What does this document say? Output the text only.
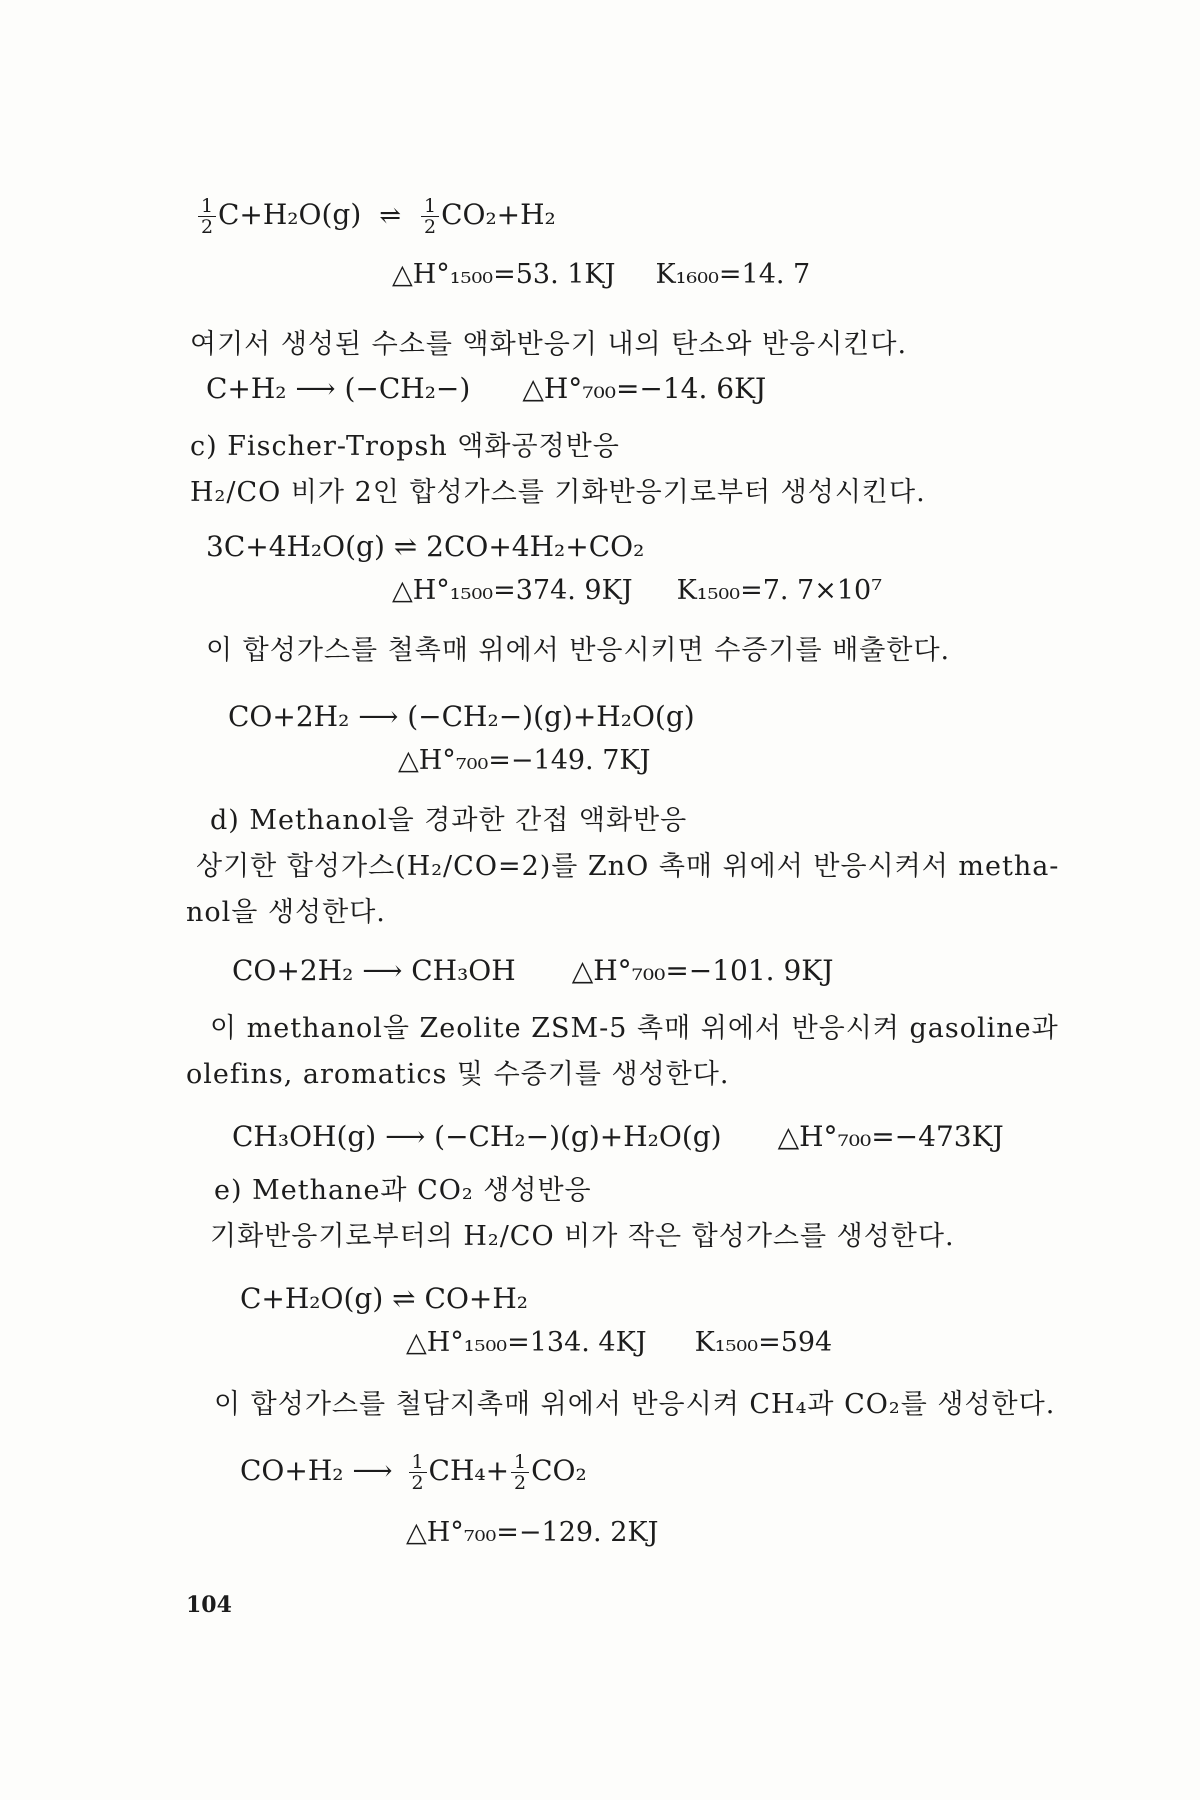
$\frac{1}{2} C+H_2O(g)$ ⇌ $\frac{1}{2} CO_2+H_2$
△H°₁₅₀₀=53. 1KJ K₁₆₀₀=14. 7
여기서 생성된 수소를 액화반응기 내의 탄소와 반응시킨다.
C+H₂ ⟶ (−CH₂−) △H°₇₀₀=−14. 6KJ
c) Fischer-Tropsh 액화공정반응
H₂/CO 비가 2인 합성가스를 기화반응기로부터 생성시킨다.
3C+4H₂O(g) ⇌ 2CO+4H₂+CO₂
△H°₁₅₀₀=374. 9KJ K₁₅₀₀=7. 7×10⁷
이 합성가스를 철촉매 위에서 반응시키면 수증기를 배출한다.
CO+2H₂ ⟶ (−CH₂−)(g)+H₂O(g)
△H°₇₀₀=−149. 7KJ
d) Methanol을 경과한 간접 액화반응
상기한 합성가스(H₂/CO=2)를 ZnO 촉매 위에서 반응시켜서 metha-
nol을 생성한다.
CO+2H₂ ⟶ CH₃OH △H°₇₀₀=−101. 9KJ
이 methanol을 Zeolite ZSM-5 촉매 위에서 반응시켜 gasoline과
olefins, aromatics 및 수증기를 생성한다.
CH₃OH(g) ⟶ (−CH₂−)(g)+H₂O(g) △H°₇₀₀=−473KJ
e) Methane과 CO₂ 생성반응
기화반응기로부터의 H₂/CO 비가 작은 합성가스를 생성한다.
C+H₂O(g) ⇌ CO+H₂
△H°₁₅₀₀=134. 4KJ K₁₅₀₀=594
이 합성가스를 철담지촉매 위에서 반응시켜 CH₄과 CO₂를 생성한다.
CO+H₂ ⟶ $\frac{1}{2} CH_4+ \frac{1}{2} CO_2$
△H°₇₀₀=−129. 2KJ
104
